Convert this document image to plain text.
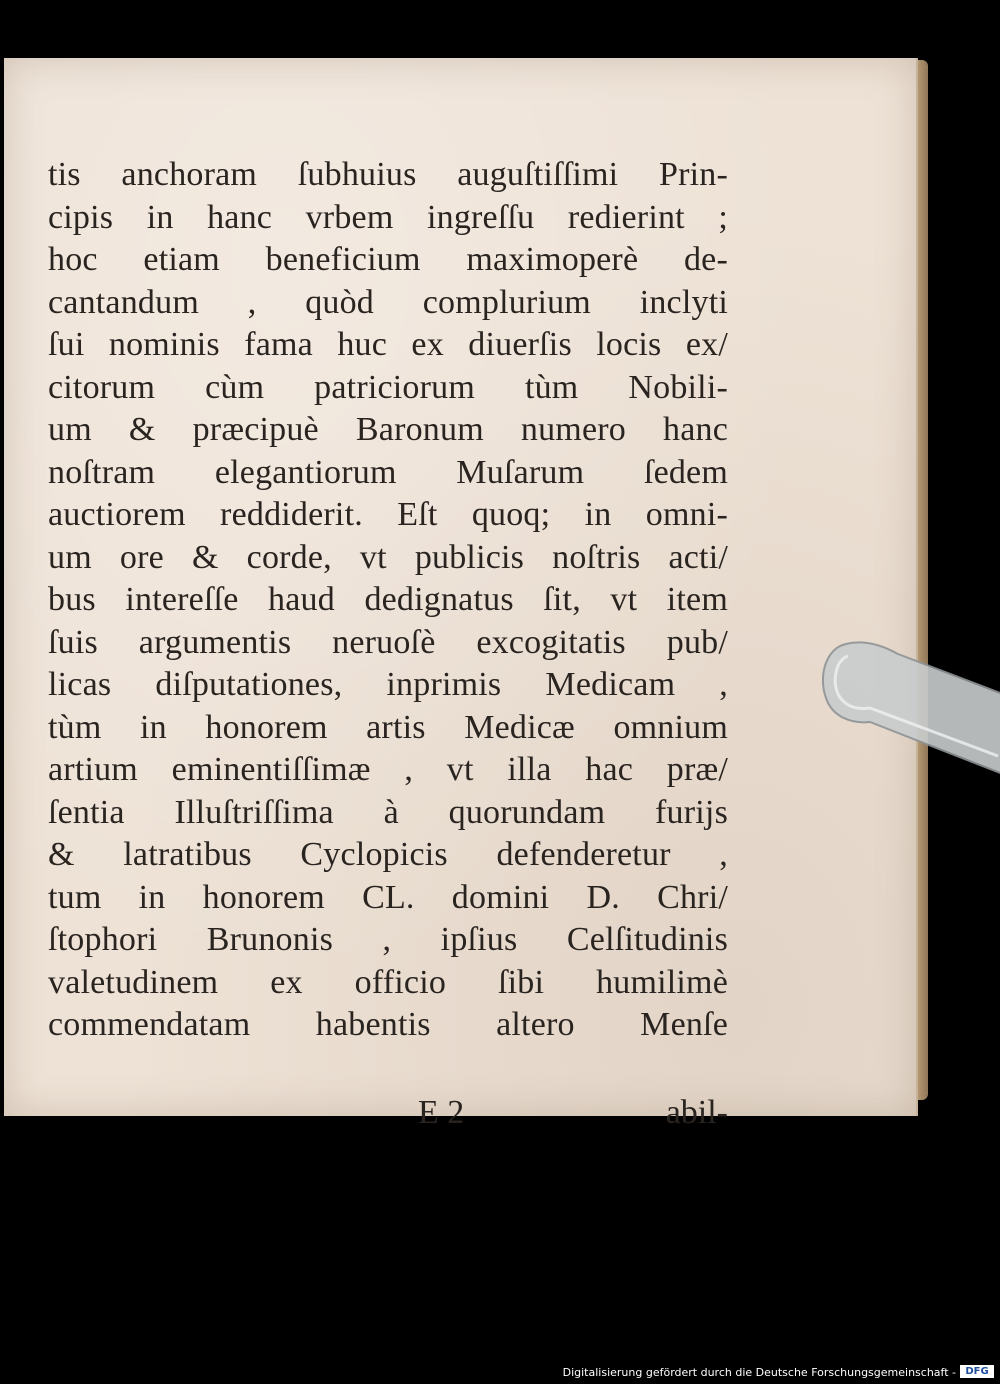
tis anchoram ſubhuius auguſtiſſimi Prin-
cipis in hanc vrbem ingreſſu redierint ;
hoc etiam beneficium maximoperè de-
cantandum , quòd complurium inclyti
ſui nominis fama huc ex diuerſis locis ex/
citorum cùm patriciorum tùm Nobili-
um & præcipuè Baronum numero hanc
noſtram elegantiorum Muſarum ſedem
auctiorem reddiderit. Eſt quoq; in omni-
um ore & corde, vt publicis noſtris acti/
bus intereſſe haud dedignatus ſit, vt item
ſuis argumentis neruoſè excogitatis pub/
licas diſputationes, inprimis Medicam ,
tùm in honorem artis Medicæ omnium
artium eminentiſſimæ , vt illa hac præ/
ſentia Illuſtriſſima à quorundam furijs
& latratibus Cyclopicis defenderetur ,
tum in honorem CL. domini D. Chri/
ſtophori Brunonis , ipſius Celſitudinis
valetudinem ex officio ſibi humilimè
commendatam habentis altero Menſe
E 2	abil-
Digitalisierung gefördert durch die Deutsche Forschungsgemeinschaft - DFG
